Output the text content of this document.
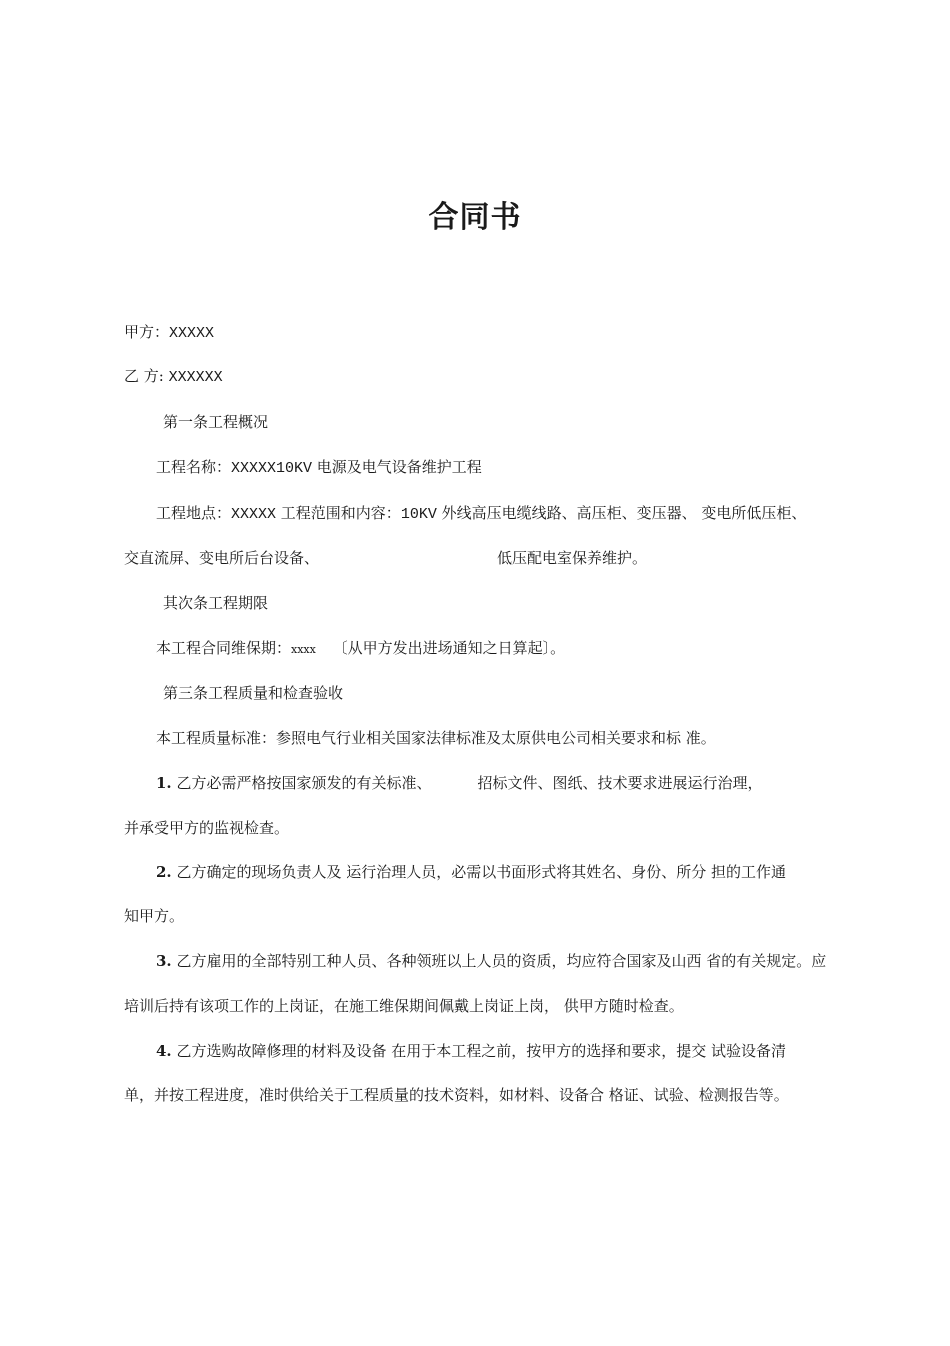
合同书
甲方：XXXXX
乙 方: XXXXXX
第一条工程概况
工程名称：XXXXX10KV 电源及电气设备维护工程
工程地点：XXXXX 工程范围和内容：10KV 外线高压电缆线路、高压柜、变压器、 变电所低压柜、
交直流屏、变电所后台设备、	低压配电室保养维护。
其次条工程期限
本工程合同维保期：xxxx 〔从甲方发出进场通知之日算起〕。
第三条工程质量和检查验收
本工程质量标准：参照电气行业相关国家法律标准及太原供电公司相关要求和标 准。
1. 乙方必需严格按国家颁发的有关标准、	招标文件、图纸、技术要求进展运行治理，
并承受甲方的监视检查。
2. 乙方确定的现场负责人及 运行治理人员，必需以书面形式将其姓名、身份、所分 担的工作通
知甲方。
3. 乙方雇用的全部特别工种人员、各种领班以上人员的资质，均应符合国家及山西 省的有关规定。应
培训后持有该项工作的上岗证，在施工维保期间佩戴上岗证上岗， 供甲方随时检查。
4. 乙方选购故障修理的材料及设备 在用于本工程之前，按甲方的选择和要求，提交 试验设备清
单，并按工程进度，准时供给关于工程质量的技术资料，如材料、设备合 格证、试验、检测报告等。
